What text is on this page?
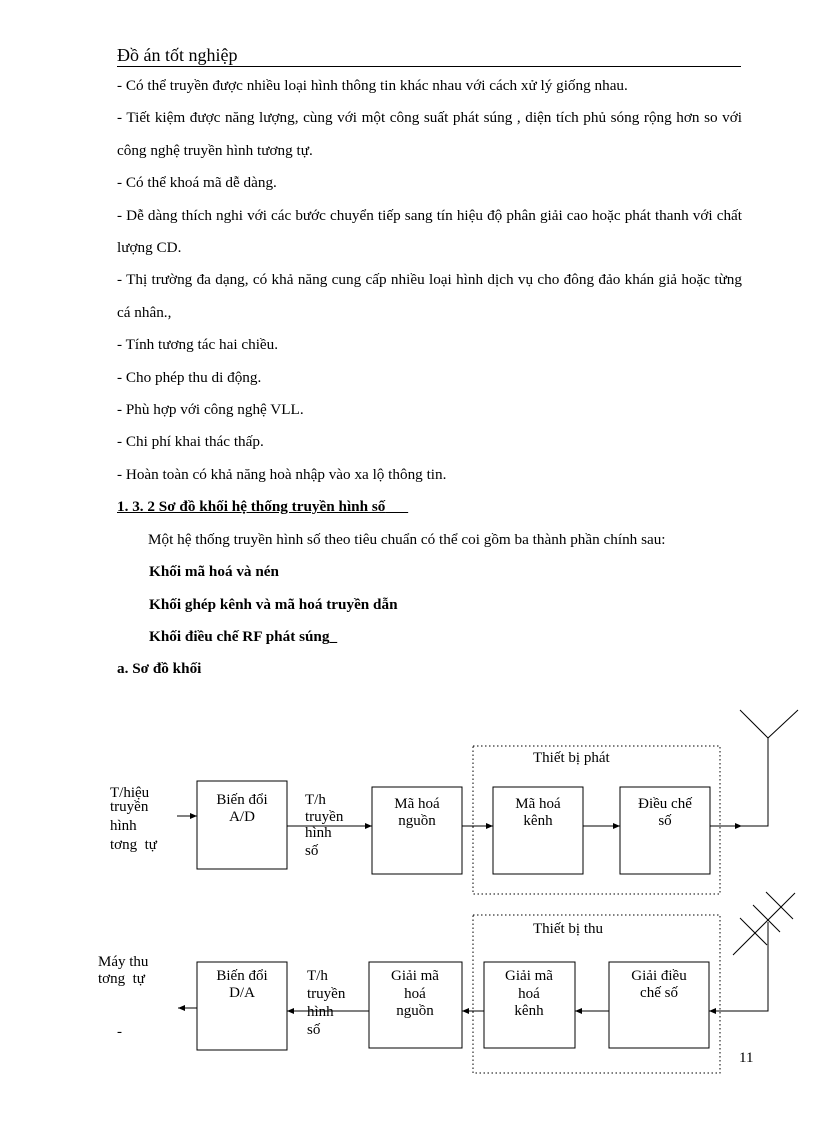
Đồ án tốt nghiệp

- Có thể truyền được nhiều loại hình thông tin khác nhau với cách xử lý giống nhau.

- Tiết kiệm được năng lượng, cùng với một công suất phát súng , diện tích phủ sóng rộng hơn so với công nghệ truyền hình tương tự.

- Có thể khoá mã dễ dàng.

- Dễ dàng thích nghi với các bước chuyển tiếp sang tín hiệu độ phân giải cao hoặc phát thanh với chất lượng CD.

- Thị trường đa dạng, có khả năng cung cấp nhiều loại hình dịch vụ cho đông đảo khán giả hoặc từng cá nhân.,

- Tính tương tác hai chiều.

- Cho phép thu di động.

- Phù hợp với công nghệ VLL.

- Chi phí khai thác thấp.

- Hoàn toàn có khả năng hoà nhập vào xa lộ thông tin.

1. 3. 2 Sơ đồ khối hệ thống truyền hình số

Một hệ thống truyền hình số theo tiêu chuẩn có thể coi gồm ba thành phần chính sau:

Khối mã hoá và nén

Khối ghép kênh và mã hoá truyền dẫn

Khối điều chế RF phát súng_

a. Sơ đồ khối

Thiết bị phát
T/hiệu
truyền
hình
tơng  tự
Biến đổi
A/D
T/h
truyền
hình
số
Mã hoá
nguồn
Mã hoá
kênh
Điều chế
số
Thiết bị thu
Giải điều
chế số
Giải mã
hoá
kênh
Giải mã
hoá
nguồn
T/h
truyền
hình
số
Biến đổi
D/A
Máy thu
tơng  tự
-
11
